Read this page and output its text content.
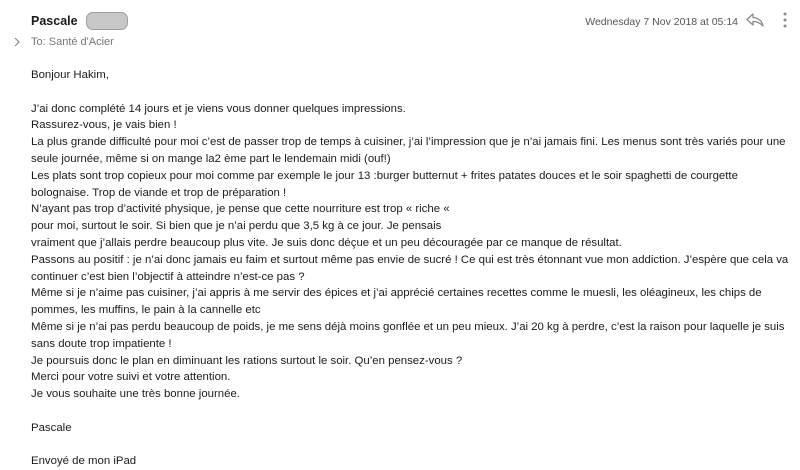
Pascale	Wednesday 7 Nov 2018 at 05:14
To: Santé d'Acier
Bonjour Hakim,
J’ai donc complété 14 jours et je viens vous donner quelques impressions.
Rassurez-vous, je vais bien !
La plus grande difficulté pour moi c’est de passer trop de temps à cuisiner, j’ai l’impression que je n’ai jamais fini. Les menus sont très variés pour une
seule journée, même si on mange la2 ème part le lendemain midi (ouf!)
Les plats sont trop copieux pour moi comme par exemple le jour 13 :burger butternut + frites patates douces et le soir spaghetti de courgette
bolognaise. Trop de viande et trop de préparation !
N’ayant pas trop d’activité physique, je pense que cette nourriture est trop « riche «
pour moi, surtout le soir. Si bien que je n’ai perdu que 3,5 kg à ce jour. Je pensais
vraiment que j’allais perdre beaucoup plus vite. Je suis donc déçue et un peu découragée par ce manque de résultat.
Passons au positif : je n’ai donc jamais eu faim et surtout même pas envie de sucré ! Ce qui est très étonnant vue mon addiction. J’espère que cela va
continuer c’est bien l’objectif à atteindre n’est-ce pas ?
Même si je n’aime pas cuisiner, j’ai appris à me servir des épices et j’ai apprécié certaines recettes comme le muesli, les oléagineux, les chips de
pommes, les muffins, le pain à la cannelle etc
Même si je n’ai pas perdu beaucoup de poids, je me sens déjà moins gonflée et un peu mieux. J’ai 20 kg à perdre, c’est la raison pour laquelle je suis
sans doute trop impatiente !
Je poursuis donc le plan en diminuant les rations surtout le soir. Qu’en pensez-vous ?
Merci pour votre suivi et votre attention.
Je vous souhaite une très bonne journée.
Pascale
Envoyé de mon iPad
